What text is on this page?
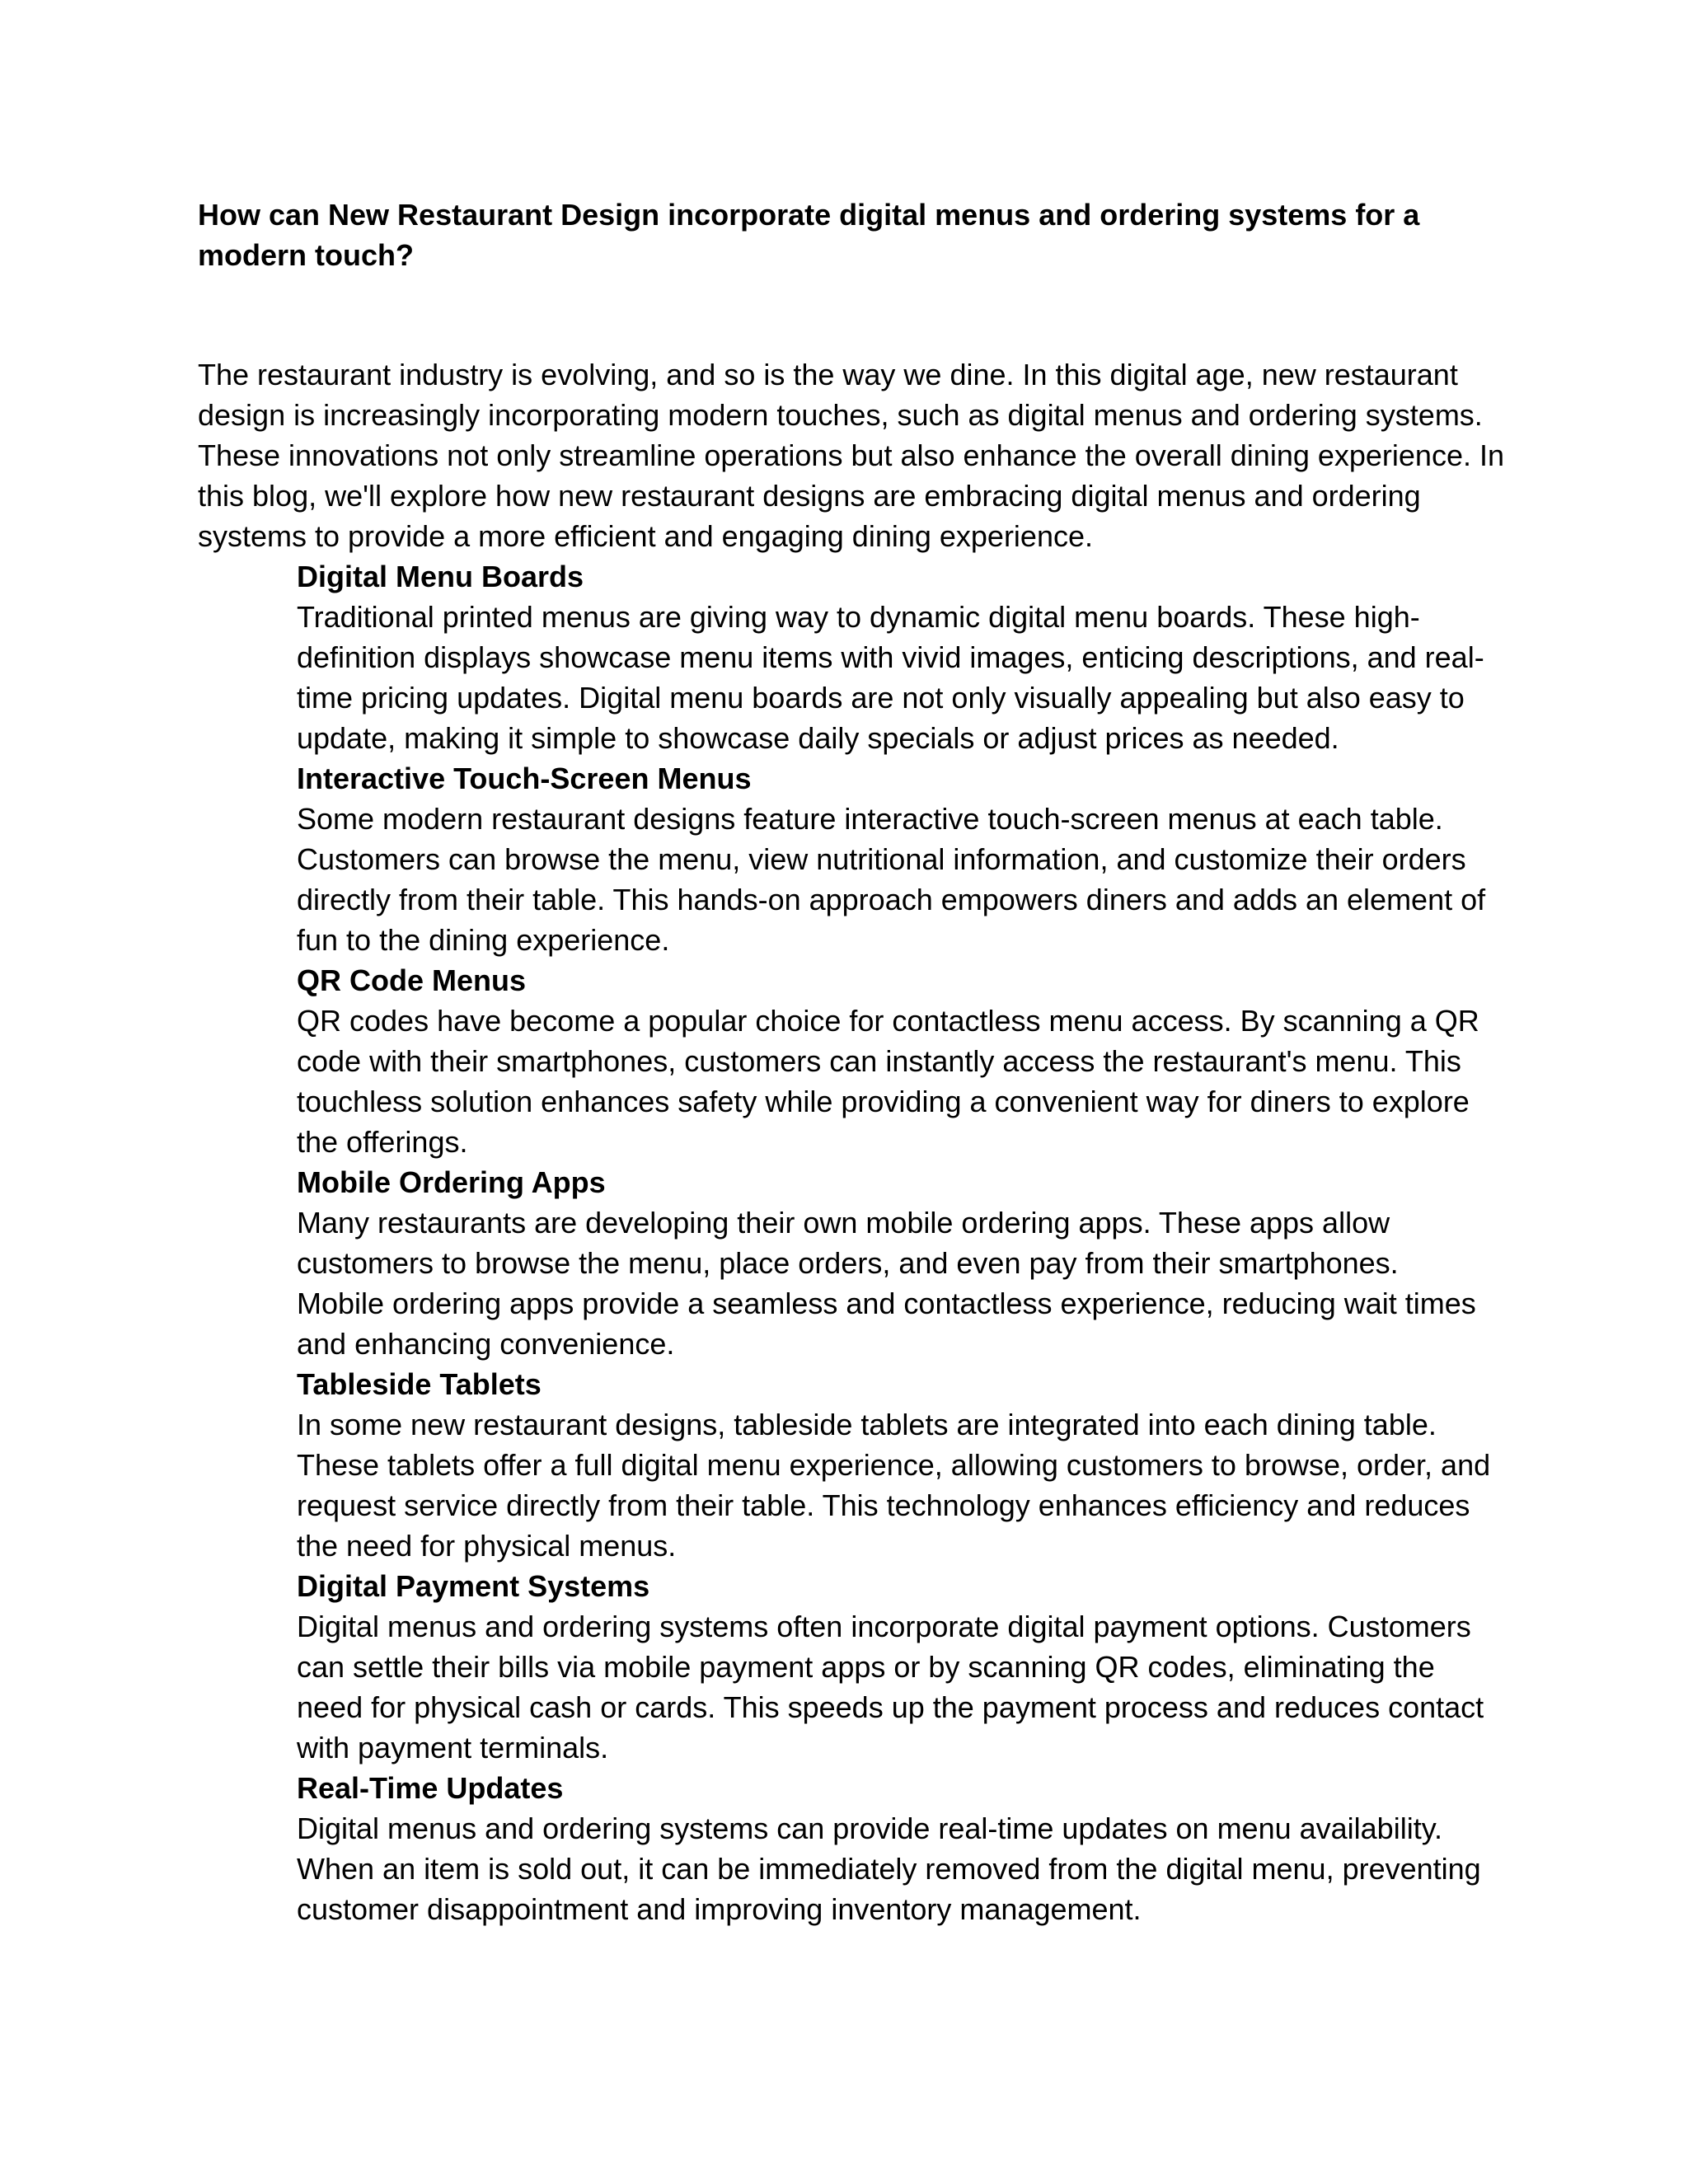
How can New Restaurant Design incorporate digital menus and ordering systems for a modern touch?

The restaurant industry is evolving, and so is the way we dine. In this digital age, new restaurant design is increasingly incorporating modern touches, such as digital menus and ordering systems. These innovations not only streamline operations but also enhance the overall dining experience. In this blog, we'll explore how new restaurant designs are embracing digital menus and ordering systems to provide a more efficient and engaging dining experience.

Digital Menu Boards

Traditional printed menus are giving way to dynamic digital menu boards. These high-definition displays showcase menu items with vivid images, enticing descriptions, and real-time pricing updates. Digital menu boards are not only visually appealing but also easy to update, making it simple to showcase daily specials or adjust prices as needed.

Interactive Touch-Screen Menus

Some modern restaurant designs feature interactive touch-screen menus at each table. Customers can browse the menu, view nutritional information, and customize their orders directly from their table. This hands-on approach empowers diners and adds an element of fun to the dining experience.

QR Code Menus

QR codes have become a popular choice for contactless menu access. By scanning a QR code with their smartphones, customers can instantly access the restaurant's menu. This touchless solution enhances safety while providing a convenient way for diners to explore the offerings.

Mobile Ordering Apps

Many restaurants are developing their own mobile ordering apps. These apps allow customers to browse the menu, place orders, and even pay from their smartphones. Mobile ordering apps provide a seamless and contactless experience, reducing wait times and enhancing convenience.

Tableside Tablets

In some new restaurant designs, tableside tablets are integrated into each dining table. These tablets offer a full digital menu experience, allowing customers to browse, order, and request service directly from their table. This technology enhances efficiency and reduces the need for physical menus.

Digital Payment Systems

Digital menus and ordering systems often incorporate digital payment options. Customers can settle their bills via mobile payment apps or by scanning QR codes, eliminating the need for physical cash or cards. This speeds up the payment process and reduces contact with payment terminals.

Real-Time Updates

Digital menus and ordering systems can provide real-time updates on menu availability. When an item is sold out, it can be immediately removed from the digital menu, preventing customer disappointment and improving inventory management.
